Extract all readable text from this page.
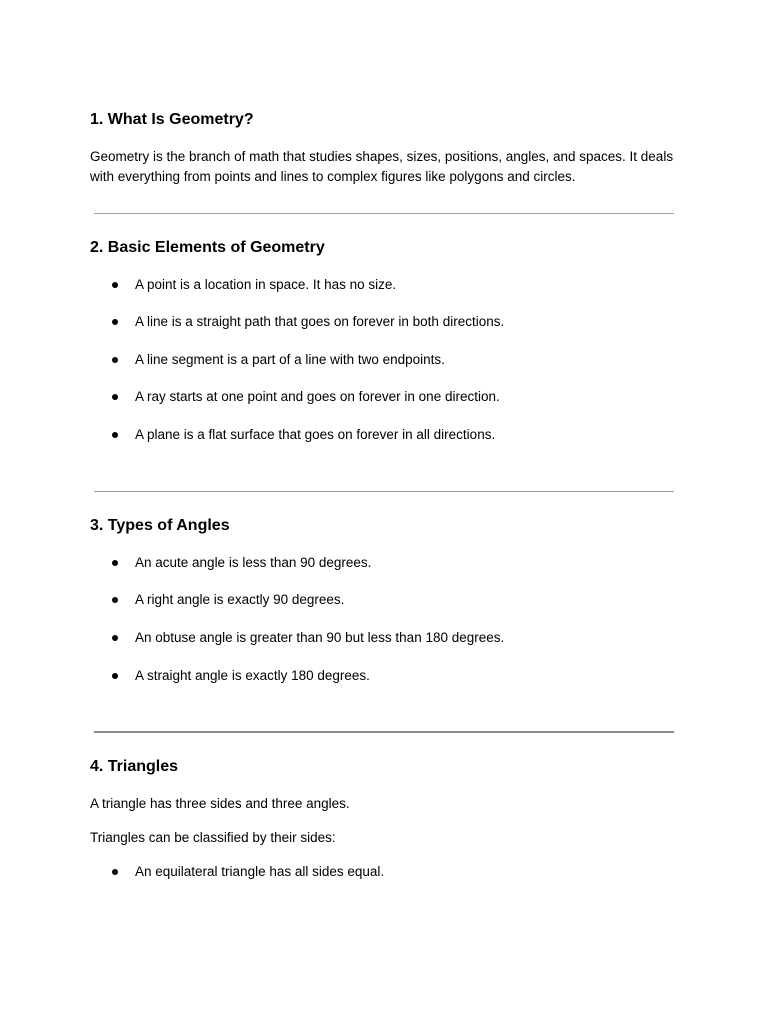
1. What Is Geometry?

Geometry is the branch of math that studies shapes, sizes, positions, angles, and spaces. It deals with everything from points and lines to complex figures like polygons and circles.

2. Basic Elements of Geometry
A point is a location in space. It has no size.
A line is a straight path that goes on forever in both directions.
A line segment is a part of a line with two endpoints.
A ray starts at one point and goes on forever in one direction.
A plane is a flat surface that goes on forever in all directions.
3. Types of Angles
An acute angle is less than 90 degrees.
A right angle is exactly 90 degrees.
An obtuse angle is greater than 90 but less than 180 degrees.
A straight angle is exactly 180 degrees.
4. Triangles

A triangle has three sides and three angles.

Triangles can be classified by their sides:

An equilateral triangle has all sides equal.
